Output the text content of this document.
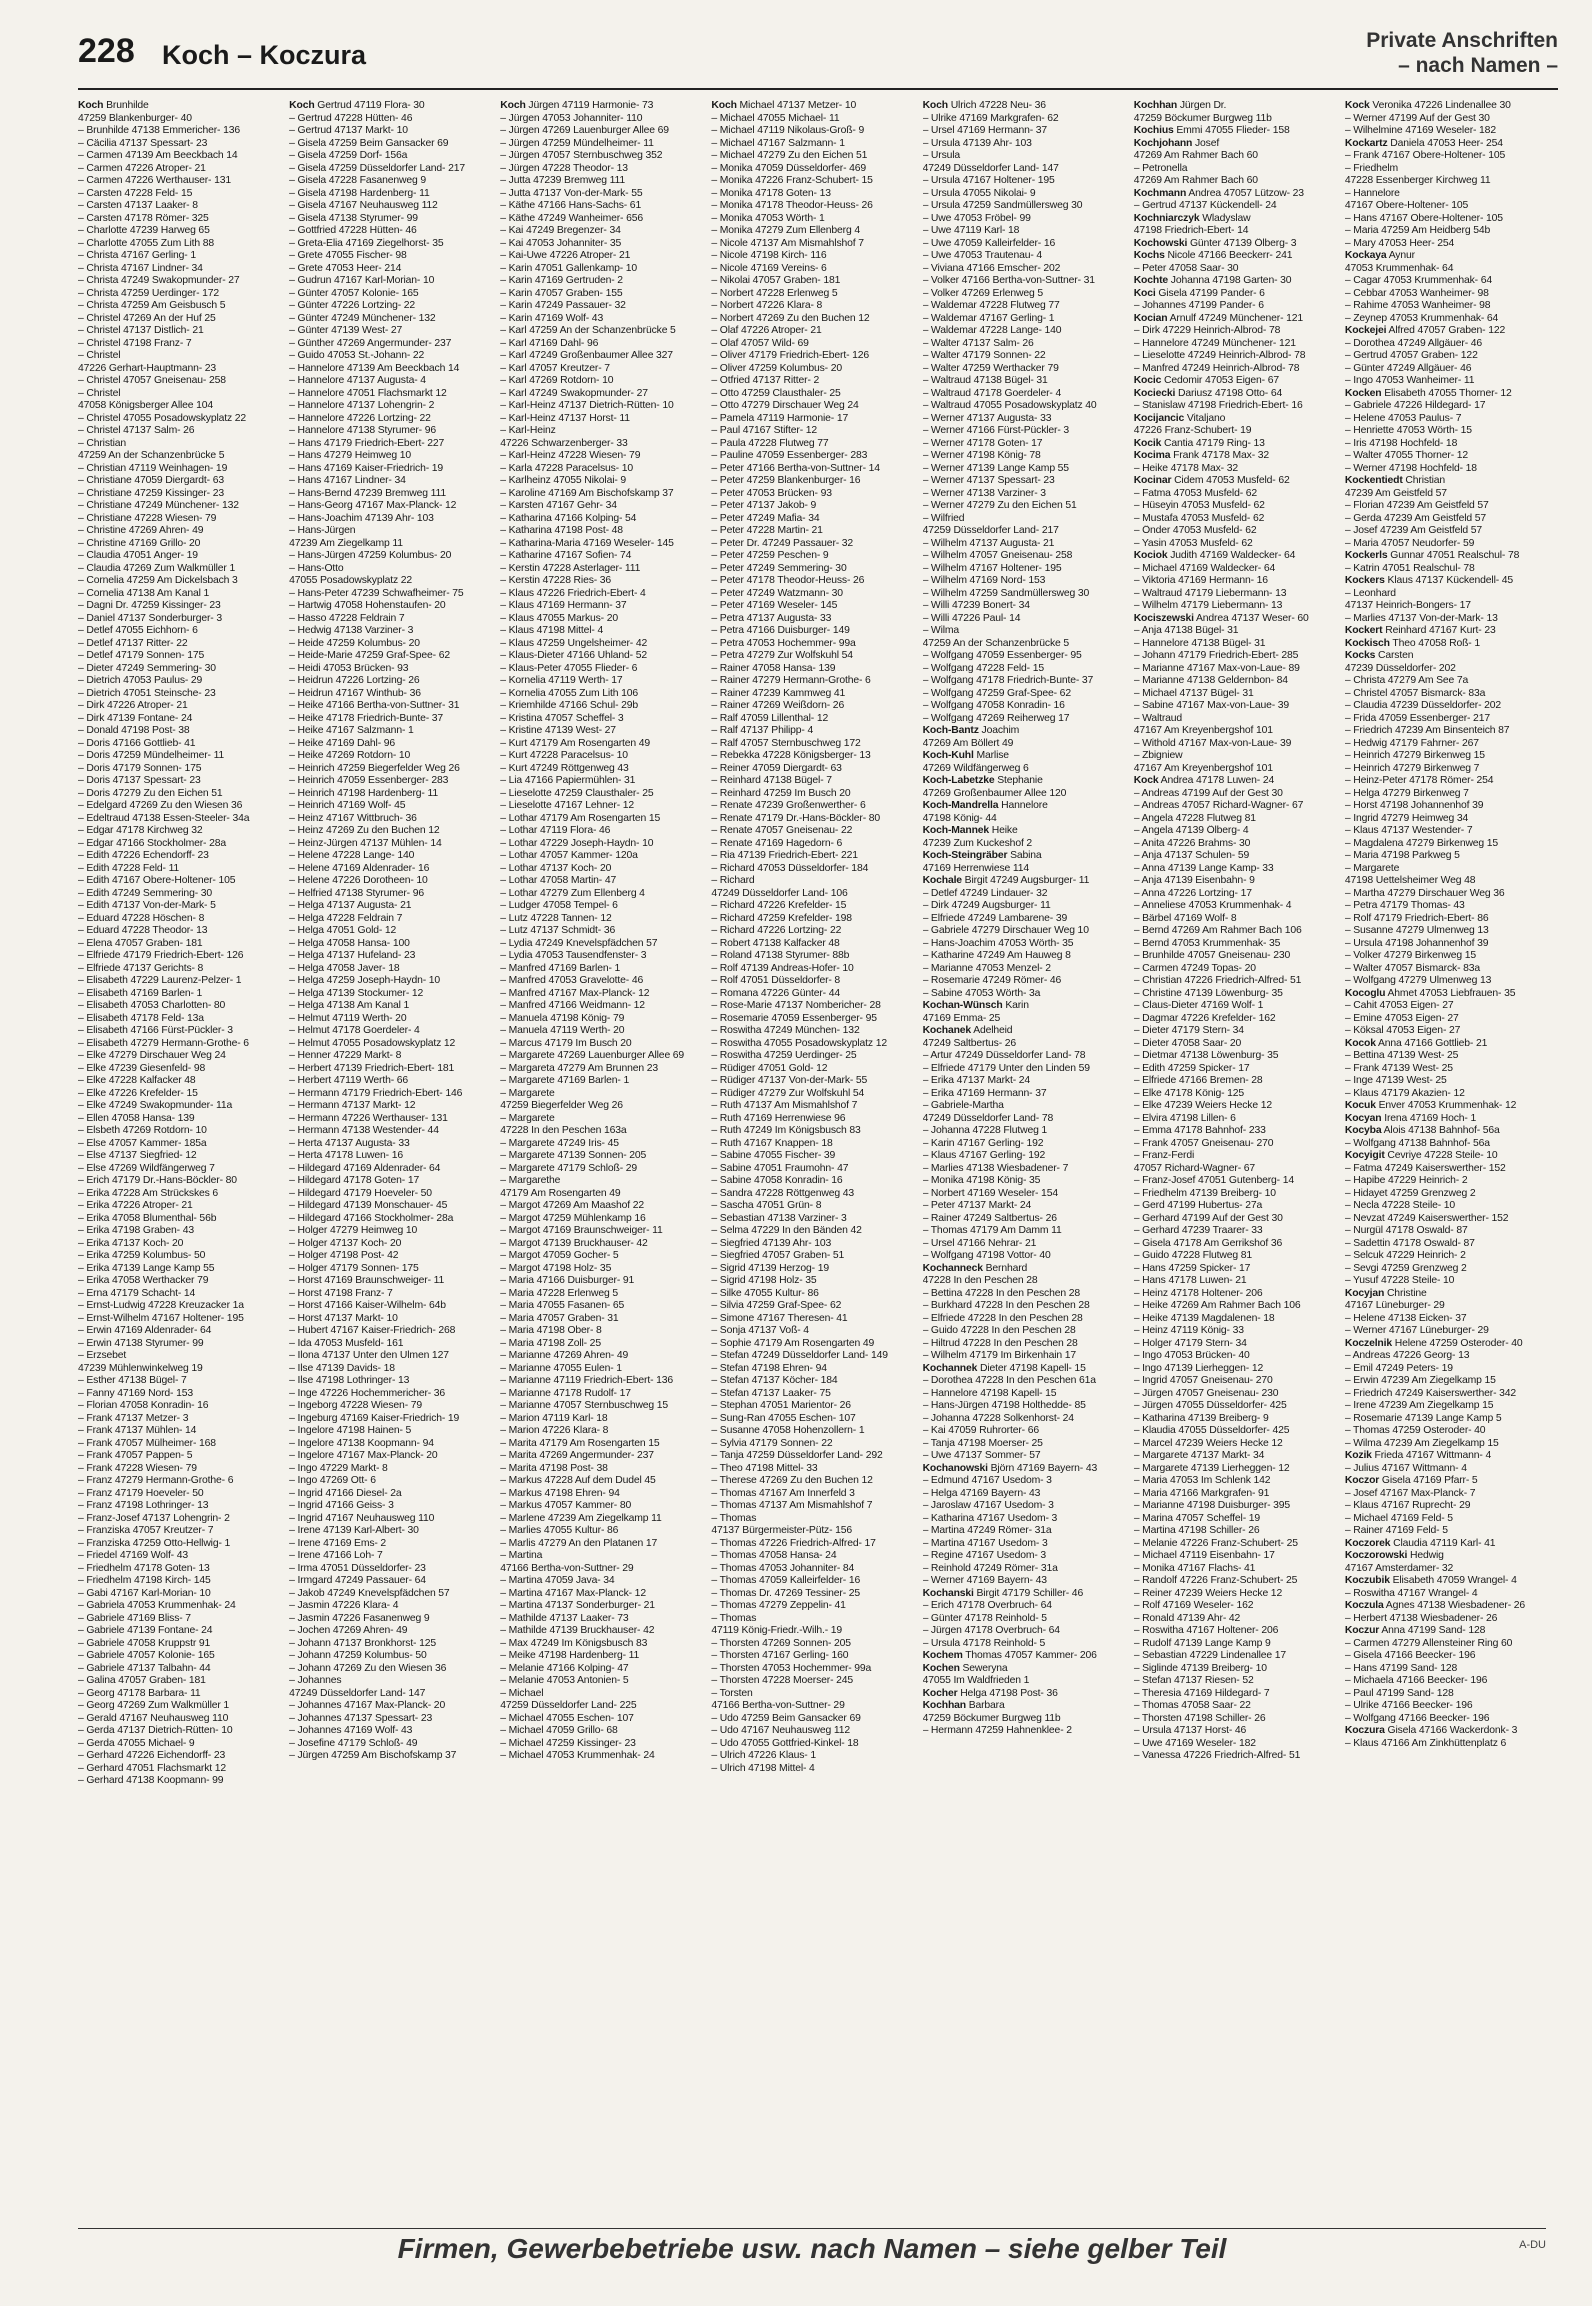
228 Koch – Koczura	Private Anschriften
– nach Namen –
Koch Brunhilde
47259 Blankenburger- 40
– Brunhilde 47138 Emmericher- 136
– Cäcilia 47137 Spessart- 23
– Carmen 47139 Am Beeckbach 14
– Carmen 47226 Atroper- 21
– Carmen 47226 Werthauser- 131
– Carsten 47228 Feld- 15
– Carsten 47137 Laaker- 8
– Carsten 47178 Römer- 325
– Charlotte 47239 Harweg 65
– Charlotte 47055 Zum Lith 88
– Christa 47167 Gerling- 1
– Christa 47167 Lindner- 34
– Christa 47249 Swakopmunder- 27
– Christa 47259 Uerdinger- 172
– Christa 47259 Am Geisbusch 5
– Christel 47269 An der Huf 25
– Christel 47137 Distlich- 21
– Christel 47198 Franz- 7
– Christel
47226 Gerhart-Hauptmann- 23
– Christel 47057 Gneisenau- 258
– Christel
47058 Königsberger Allee 104
– Christel 47055 Posadowskyplatz 22
– Christel 47137 Salm- 26
– Christian
47259 An der Schanzenbrücke 5
– Christian 47119 Weinhagen- 19
– Christiane 47059 Diergardt- 63
– Christiane 47259 Kissinger- 23
– Christiane 47249 Münchener- 132
– Christiane 47228 Wiesen- 79
– Christine 47269 Ahren- 49
– Christine 47169 Grillo- 20
– Claudia 47051 Anger- 19
– Claudia 47269 Zum Walkmüller 1
– Cornelia 47259 Am Dickelsbach 3
– Cornelia 47138 Am Kanal 1
– Dagni Dr. 47259 Kissinger- 23
– Daniel 47137 Sonderburger- 3
– Detlef 47055 Eichhorn- 6
– Detlef 47137 Ritter- 22
– Detlef 47179 Sonnen- 175
– Dieter 47249 Semmering- 30
– Dietrich 47053 Paulus- 29
– Dietrich 47051 Steinsche- 23
– Dirk 47226 Atroper- 21
– Dirk 47139 Fontane- 24
– Donald 47198 Post- 38
– Doris 47166 Gottlieb- 41
– Doris 47259 Mündelheimer- 11
– Doris 47179 Sonnen- 175
– Doris 47137 Spessart- 23
– Doris 47279 Zu den Eichen 51
– Edelgard 47269 Zu den Wiesen 36
– Edeltraud 47138 Essen-Steeler- 34a
– Edgar 47178 Kirchweg 32
– Edgar 47166 Stockholmer- 28a
– Edith 47226 Echendorff- 23
– Edith 47228 Feld- 11
– Edith 47167 Obere-Holtener- 105
– Edith 47249 Semmering- 30
– Edith 47137 Von-der-Mark- 5
– Eduard 47228 Höschen- 8
– Eduard 47228 Theodor- 13
– Elena 47057 Graben- 181
– Elfriede 47179 Friedrich-Ebert- 126
– Elfriede 47137 Gerichts- 8
– Elisabeth 47229 Laurenz-Pelzer- 1
– Elisabeth 47169 Barlen- 1
– Elisabeth 47053 Charlotten- 80
– Elisabeth 47178 Feld- 13a
– Elisabeth 47166 Fürst-Pückler- 3
– Elisabeth 47279 Hermann-Grothe- 6
– Elke 47279 Dirschauer Weg 24
– Elke 47239 Giesenfeld- 98
– Elke 47228 Kalfacker 48
– Elke 47226 Krefelder- 15
– Elke 47249 Swakopmunder- 11a
– Ellen 47058 Hansa- 139
– Elsbeth 47269 Rotdorn- 10
– Else 47057 Kammer- 185a
– Else 47137 Siegfried- 12
– Else 47269 Wildfängerweg 7
– Erich 47179 Dr.-Hans-Böckler- 80
– Erika 47228 Am Strückskes 6
– Erika 47226 Atroper- 21
– Erika 47058 Blumenthal- 56b
– Erika 47198 Graben- 43
– Erika 47137 Koch- 20
– Erika 47259 Kolumbus- 50
– Erika 47139 Lange Kamp 55
– Erika 47058 Werthacker 79
– Erna 47179 Schacht- 14
– Ernst-Ludwig 47228 Kreuzacker 1a
– Ernst-Wilhelm 47167 Holtener- 195
– Erwin 47169 Aldenrader- 64
– Erwin 47138 Styrumer- 99
– Erzsebet
47239 Mühlenwinkelweg 19
– Esther 47138 Bügel- 7
– Fanny 47169 Nord- 153
– Florian 47058 Konradin- 16
– Frank 47137 Metzer- 3
– Frank 47137 Mühlen- 14
– Frank 47057 Mülheimer- 168
– Frank 47057 Pappen- 5
– Frank 47228 Wiesen- 79
– Franz 47279 Hermann-Grothe- 6
– Franz 47179 Hoeveler- 50
– Franz 47198 Lothringer- 13
– Franz-Josef 47137 Lohengrin- 2
– Franziska 47057 Kreutzer- 7
– Franziska 47259 Otto-Hellwig- 1
– Friedel 47169 Wolf- 43
– Friedhelm 47178 Goten- 13
– Friedhelm 47198 Kirch- 145
– Gabi 47167 Karl-Morian- 10
– Gabriela 47053 Krummenhak- 24
– Gabriele 47169 Bliss- 7
– Gabriele 47139 Fontane- 24
– Gabriele 47058 Kruppstr 91
– Gabriele 47057 Kolonie- 165
– Gabriele 47137 Talbahn- 44
– Galina 47057 Graben- 181
– Georg 47178 Barbara- 11
– Georg 47269 Zum Walkmüller 1
– Gerald 47167 Neuhausweg 110
– Gerda 47137 Dietrich-Rütten- 10
– Gerda 47055 Michael- 9
– Gerhard 47226 Eichendorff- 23
– Gerhard 47051 Flachsmarkt 12
– Gerhard 47138 Koopmann- 99
Koch Gertrud 47119 Flora- 30
– Gertrud 47228 Hütten- 46
– Gertrud 47137 Markt- 10
– Gisela 47259 Beim Gansacker 69
– Gisela 47259 Dorf- 156a
– Gisela 47259 Düsseldorfer Land- 217
– Gisela 47228 Fasanenweg 9
– Gisela 47198 Hardenberg- 11
– Gisela 47167 Neuhausweg 112
– Gisela 47138 Styrumer- 99
– Gottfried 47228 Hütten- 46
– Greta-Elia 47169 Ziegelhorst- 35
– Grete 47055 Fischer- 98
– Grete 47053 Heer- 214
– Gudrun 47167 Karl-Morian- 10
– Günter 47057 Kolonie- 165
– Günter 47226 Lortzing- 22
– Günter 47249 Münchener- 132
– Günter 47139 West- 27
– Günther 47269 Angermunder- 237
– Guido 47053 St.-Johann- 22
– Hannelore 47139 Am Beeckbach 14
– Hannelore 47137 Augusta- 4
– Hannelore 47051 Flachsmarkt 12
– Hannelore 47137 Lohengrin- 2
– Hannelore 47226 Lortzing- 22
– Hannelore 47138 Styrumer- 96
– Hans 47179 Friedrich-Ebert- 227
– Hans 47279 Heimweg 10
– Hans 47169 Kaiser-Friedrich- 19
– Hans 47167 Lindner- 34
– Hans-Bernd 47239 Bremweg 111
– Hans-Georg 47167 Max-Planck- 12
– Hans-Joachim 47139 Ahr- 103
– Hans-Jürgen
47239 Am Ziegelkamp 11
– Hans-Jürgen 47259 Kolumbus- 20
– Hans-Otto
47055 Posadowskyplatz 22
– Hans-Peter 47239 Schwafheimer- 75
– Hartwig 47058 Hohenstaufen- 20
– Hasso 47228 Feldrain 7
– Hedwig 47138 Varziner- 3
– Heide 47259 Kolumbus- 20
– Heide-Marie 47259 Graf-Spee- 62
– Heidi 47053 Brücken- 93
– Heidrun 47226 Lortzing- 26
– Heidrun 47167 Winthub- 36
– Heike 47166 Bertha-von-Suttner- 31
– Heike 47178 Friedrich-Bunte- 37
– Heike 47167 Salzmann- 1
– Heike 47169 Dahl- 96
– Heike 47269 Rotdorn- 10
– Heinrich 47259 Biegerfelder Weg 26
– Heinrich 47059 Essenberger- 283
– Heinrich 47198 Hardenberg- 11
– Heinrich 47169 Wolf- 45
– Heinz 47167 Wittbruch- 36
– Heinz 47269 Zu den Buchen 12
– Heinz-Jürgen 47137 Mühlen- 14
– Helene 47228 Lange- 140
– Helene 47169 Aldenrader- 16
– Helene 47226 Dorotheen- 10
– Helfried 47138 Styrumer- 96
– Helga 47137 Augusta- 21
– Helga 47228 Feldrain 7
– Helga 47051 Gold- 12
– Helga 47058 Hansa- 100
– Helga 47137 Hufeland- 23
– Helga 47058 Javer- 18
– Helga 47259 Joseph-Haydn- 10
– Helga 47139 Stockumer- 12
– Helga 47138 Am Kanal 1
– Helmut 47119 Werth- 20
– Helmut 47178 Goerdeler- 4
– Helmut 47055 Posadowskyplatz 12
– Henner 47229 Markt- 8
– Herbert 47139 Friedrich-Ebert- 181
– Herbert 47119 Werth- 66
– Hermann 47179 Friedrich-Ebert- 146
– Hermann 47137 Markt- 12
– Hermann 47226 Werthauser- 131
– Hermann 47138 Westender- 44
– Herta 47137 Augusta- 33
– Herta 47178 Luwen- 16
– Hildegard 47169 Aldenrader- 64
– Hildegard 47178 Goten- 17
– Hildegard 47179 Hoeveler- 50
– Hildegard 47139 Monschauer- 45
– Hildegard 47166 Stockholmer- 28a
– Holger 47279 Heimweg 10
– Holger 47137 Koch- 20
– Holger 47198 Post- 42
– Holger 47179 Sonnen- 175
– Horst 47169 Braunschweiger- 11
– Horst 47198 Franz- 7
– Horst 47166 Kaiser-Wilhelm- 64b
– Horst 47137 Markt- 10
– Hubert 47167 Kaiser-Friedrich- 268
– Ida 47053 Musfeld- 161
– Ilona 47137 Unter den Ulmen 127
– Ilse 47139 Davids- 18
– Ilse 47198 Lothringer- 13
– Inge 47226 Hochemmericher- 36
– Ingeborg 47228 Wiesen- 79
– Ingeburg 47169 Kaiser-Friedrich- 19
– Ingelore 47198 Hainen- 5
– Ingelore 47138 Koopmann- 94
– Ingelore 47167 Max-Planck- 20
– Ingo 47229 Markt- 8
– Ingo 47269 Ott- 6
– Ingrid 47166 Diesel- 2a
– Ingrid 47166 Geiss- 3
– Ingrid 47167 Neuhausweg 110
– Irene 47139 Karl-Albert- 30
– Irene 47169 Ems- 2
– Irene 47166 Loh- 7
– Irma 47051 Düsseldorfer- 23
– Irmgard 47249 Passauer- 64
– Jakob 47249 Knevelspfädchen 57
– Jasmin 47226 Klara- 4
– Jasmin 47226 Fasanenweg 9
– Jochen 47269 Ahren- 49
– Johann 47137 Bronkhorst- 125
– Johann 47259 Kolumbus- 50
– Johann 47269 Zu den Wiesen 36
– Johannes
47249 Düsseldorfer Land- 147
– Johannes 47167 Max-Planck- 20
– Johannes 47137 Spessart- 23
– Johannes 47169 Wolf- 43
– Josefine 47179 Schloß- 49
– Jürgen 47259 Am Bischofskamp 37
Koch Jürgen 47119 Harmonie- 73
– Jürgen 47053 Johanniter- 110
– Jürgen 47269 Lauenburger Allee 69
– Jürgen 47259 Mündelheimer- 11
– Jürgen 47057 Sternbuschweg 352
– Jürgen 47228 Theodor- 13
– Jutta 47239 Bremweg 111
– Jutta 47137 Von-der-Mark- 55
– Käthe 47166 Hans-Sachs- 61
– Käthe 47249 Wanheimer- 656
– Kai 47249 Bregenzer- 34
– Kai 47053 Johanniter- 35
– Kai-Uwe 47226 Atroper- 21
– Karin 47051 Gallenkamp- 10
– Karin 47169 Gertruden- 2
– Karin 47057 Graben- 155
– Karin 47249 Passauer- 32
– Karin 47169 Wolf- 43
– Karl 47259 An der Schanzenbrücke 5
– Karl 47169 Dahl- 96
– Karl 47249 Großenbaumer Allee 327
– Karl 47057 Kreutzer- 7
– Karl 47269 Rotdorn- 10
– Karl 47249 Swakopmunder- 27
– Karl-Heinz 47137 Dietrich-Rütten- 10
– Karl-Heinz 47137 Horst- 11
– Karl-Heinz
47226 Schwarzenberger- 33
– Karl-Heinz 47228 Wiesen- 79
– Karla 47228 Paracelsus- 10
– Karlheinz 47055 Nikolai- 9
– Karoline 47169 Am Bischofskamp 37
– Karsten 47167 Gehr- 34
– Katharina 47166 Kolping- 54
– Katharina 47198 Post- 48
– Katharina-Maria 47169 Weseler- 145
– Katharine 47167 Sofien- 74
– Kerstin 47228 Asterlager- 111
– Kerstin 47228 Ries- 36
– Klaus 47226 Friedrich-Ebert- 4
– Klaus 47169 Hermann- 37
– Klaus 47055 Markus- 20
– Klaus 47198 Mittel- 4
– Klaus 47259 Ungelsheimer- 42
– Klaus-Dieter 47166 Uhland- 52
– Klaus-Peter 47055 Flieder- 6
– Kornelia 47119 Werth- 17
– Kornelia 47055 Zum Lith 106
– Kriemhilde 47166 Schul- 29b
– Kristina 47057 Scheffel- 3
– Kristine 47139 West- 27
– Kurt 47179 Am Rosengarten 49
– Kurt 47228 Paracelsus- 10
– Kurt 47249 Röttgenweg 43
– Lia 47166 Papiermühlen- 31
– Lieselotte 47259 Clausthaler- 25
– Lieselotte 47167 Lehner- 12
– Lothar 47179 Am Rosengarten 15
– Lothar 47119 Flora- 46
– Lothar 47229 Joseph-Haydn- 10
– Lothar 47057 Kammer- 120a
– Lothar 47137 Koch- 20
– Lothar 47058 Martin- 47
– Lothar 47279 Zum Ellenberg 4
– Ludger 47058 Tempel- 6
– Lutz 47228 Tannen- 12
– Lutz 47137 Schmidt- 36
– Lydia 47249 Knevelspfädchen 57
– Lydia 47053 Tausendfenster- 3
– Manfred 47169 Barlen- 1
– Manfred 47053 Gravelotte- 46
– Manfred 47167 Max-Planck- 12
– Manfred 47166 Weidmann- 12
– Manuela 47198 König- 79
– Manuela 47119 Werth- 20
– Marcus 47179 Im Busch 20
– Margarete 47269 Lauenburger Allee 69
– Margareta 47279 Am Brunnen 23
– Margarete 47169 Barlen- 1
– Margarete
47259 Biegerfelder Weg 26
– Margarete
47228 In den Peschen 163a
– Margarete 47249 Iris- 45
– Margarete 47139 Sonnen- 205
– Margarete 47179 Schloß- 29
– Margarethe
47179 Am Rosengarten 49
– Margot 47269 Am Maashof 22
– Margot 47259 Mühlenkamp 16
– Margot 47169 Braunschweiger- 11
– Margot 47139 Bruckhauser- 42
– Margot 47059 Gocher- 5
– Margot 47198 Holz- 35
– Maria 47166 Duisburger- 91
– Maria 47228 Erlenweg 5
– Maria 47055 Fasanen- 65
– Maria 47057 Graben- 31
– Maria 47198 Ober- 8
– Maria 47198 Zoll- 25
– Marianne 47269 Ahren- 49
– Marianne 47055 Eulen- 1
– Marianne 47119 Friedrich-Ebert- 136
– Marianne 47178 Rudolf- 17
– Marianne 47057 Sternbuschweg 15
– Marion 47119 Karl- 18
– Marion 47226 Klara- 8
– Marita 47179 Am Rosengarten 15
– Marita 47269 Angermunder- 237
– Marita 47198 Post- 38
– Markus 47228 Auf dem Dudel 45
– Markus 47198 Ehren- 94
– Markus 47057 Kammer- 80
– Marlene 47239 Am Ziegelkamp 11
– Marlies 47055 Kultur- 86
– Marlis 47279 An den Platanen 17
– Martina
47166 Bertha-von-Suttner- 29
– Martina 47059 Java- 34
– Martina 47167 Max-Planck- 12
– Martina 47137 Sonderburger- 21
– Mathilde 47137 Laaker- 73
– Mathilde 47139 Bruckhauser- 42
– Max 47249 Im Königsbusch 83
– Meike 47198 Hardenberg- 11
– Melanie 47166 Kolping- 47
– Melanie 47053 Antonien- 5
– Michael
47259 Düsseldorfer Land- 225
– Michael 47055 Eschen- 107
– Michael 47059 Grillo- 68
– Michael 47259 Kissinger- 23
– Michael 47053 Krummenhak- 24
Koch Michael 47137 Metzer- 10
– Michael 47055 Michael- 11
– Michael 47119 Nikolaus-Groß- 9
– Michael 47167 Salzmann- 1
– Michael 47279 Zu den Eichen 51
– Monika 47059 Düsseldorfer- 469
– Monika 47226 Franz-Schubert- 15
– Monika 47178 Goten- 13
– Monika 47178 Theodor-Heuss- 26
– Monika 47053 Wörth- 1
– Monika 47279 Zum Ellenberg 4
– Nicole 47137 Am Mismahlshof 7
– Nicole 47198 Kirch- 116
– Nicole 47169 Vereins- 6
– Nikolai 47057 Graben- 181
– Norbert 47228 Erlenweg 5
– Norbert 47226 Klara- 8
– Norbert 47269 Zu den Buchen 12
– Olaf 47226 Atroper- 21
– Olaf 47057 Wild- 69
– Oliver 47179 Friedrich-Ebert- 126
– Oliver 47259 Kolumbus- 20
– Otfried 47137 Ritter- 2
– Otto 47259 Clausthaler- 25
– Otto 47279 Dirschauer Weg 24
– Pamela 47119 Harmonie- 17
– Paul 47167 Stifter- 12
– Paula 47228 Flutweg 77
– Pauline 47059 Essenberger- 283
– Peter 47166 Bertha-von-Suttner- 14
– Peter 47259 Blankenburger- 16
– Peter 47053 Brücken- 93
– Peter 47137 Jakob- 9
– Peter 47249 Mafia- 34
– Peter 47228 Martin- 21
– Peter Dr. 47249 Passauer- 32
– Peter 47259 Peschen- 9
– Peter 47249 Semmering- 30
– Peter 47178 Theodor-Heuss- 26
– Peter 47249 Watzmann- 30
– Peter 47169 Weseler- 145
– Petra 47137 Augusta- 33
– Petra 47166 Duisburger- 149
– Petra 47053 Hochemmer- 99a
– Petra 47279 Zur Wolfskuhl 54
– Rainer 47058 Hansa- 139
– Rainer 47279 Hermann-Grothe- 6
– Rainer 47239 Kammweg 41
– Rainer 47269 Weißdorn- 26
– Ralf 47059 Lillenthal- 12
– Ralf 47137 Philipp- 4
– Ralf 47057 Sternbuschweg 172
– Rebekka 47228 Königsberger- 13
– Reiner 47059 Diergardt- 63
– Reinhard 47138 Bügel- 7
– Reinhard 47259 Im Busch 20
– Renate 47239 Großenwerther- 6
– Renate 47179 Dr.-Hans-Böckler- 80
– Renate 47057 Gneisenau- 22
– Renate 47169 Hagedorn- 6
– Ria 47139 Friedrich-Ebert- 221
– Richard 47053 Düsseldorfer- 184
– Richard
47249 Düsseldorfer Land- 106
– Richard 47226 Krefelder- 15
– Richard 47259 Krefelder- 198
– Richard 47226 Lortzing- 22
– Robert 47138 Kalfacker 48
– Roland 47138 Styrumer- 88b
– Rolf 47139 Andreas-Hofer- 10
– Rolf 47051 Düsseldorfer- 8
– Romana 47226 Günter- 44
– Rose-Marie 47137 Nombericher- 28
– Rosemarie 47059 Essenberger- 95
– Roswitha 47249 München- 132
– Roswitha 47055 Posadowskyplatz 12
– Roswitha 47259 Uerdinger- 25
– Rüdiger 47051 Gold- 12
– Rüdiger 47137 Von-der-Mark- 55
– Rüdiger 47279 Zur Wolfskuhl 54
– Ruth 47137 Am Mismahlshof 7
– Ruth 47169 Herrenwiese 96
– Ruth 47249 Im Königsbusch 83
– Ruth 47167 Knappen- 18
– Sabine 47055 Fischer- 39
– Sabine 47051 Fraumohn- 47
– Sabine 47058 Konradin- 16
– Sandra 47228 Röttgenweg 43
– Sascha 47051 Grün- 8
– Sebastian 47138 Varziner- 3
– Selma 47229 In den Bänden 42
– Siegfried 47139 Ahr- 103
– Siegfried 47057 Graben- 51
– Sigrid 47139 Herzog- 19
– Sigrid 47198 Holz- 35
– Silke 47055 Kultur- 86
– Silvia 47259 Graf-Spee- 62
– Simone 47167 Theresen- 41
– Sonja 47137 Voß- 4
– Sophie 47179 Am Rosengarten 49
– Stefan 47249 Düsseldorfer Land- 149
– Stefan 47198 Ehren- 94
– Stefan 47137 Köcher- 184
– Stefan 47137 Laaker- 75
– Stephan 47051 Marientor- 26
– Sung-Ran 47055 Eschen- 107
– Susanne 47058 Hohenzollern- 1
– Sylvia 47179 Sonnen- 22
– Tanja 47259 Düsseldorfer Land- 292
– Theo 47198 Mittel- 33
– Therese 47269 Zu den Buchen 12
– Thomas 47167 Am Innerfeld 3
– Thomas 47137 Am Mismahlshof 7
– Thomas
47137 Bürgermeister-Pütz- 156
– Thomas 47226 Friedrich-Alfred- 17
– Thomas 47058 Hansa- 24
– Thomas 47053 Johanniter- 84
– Thomas 47059 Kalleirfelder- 16
– Thomas Dr. 47269 Tessiner- 25
– Thomas 47279 Zeppelin- 41
– Thomas
47119 König-Friedr.-Wilh.- 19
– Thorsten 47269 Sonnen- 205
– Thorsten 47167 Gerling- 160
– Thorsten 47053 Hochemmer- 99a
– Thorsten 47228 Moerser- 245
– Torsten
47166 Bertha-von-Suttner- 29
– Udo 47259 Beim Gansacker 69
– Udo 47167 Neuhausweg 112
– Udo 47055 Gottfried-Kinkel- 18
– Ulrich 47226 Klaus- 1
– Ulrich 47198 Mittel- 4
Koch Ulrich 47228 Neu- 36
– Ulrike 47169 Markgrafen- 62
– Ursel 47169 Hermann- 37
– Ursula 47139 Ahr- 103
– Ursula
47249 Düsseldorfer Land- 147
– Ursula 47167 Holtener- 195
– Ursula 47055 Nikolai- 9
– Ursula 47259 Sandmüllersweg 30
– Uwe 47053 Fröbel- 99
– Uwe 47119 Karl- 18
– Uwe 47059 Kalleirfelder- 16
– Uwe 47053 Trautenau- 4
– Viviana 47166 Emscher- 202
– Volker 47166 Bertha-von-Suttner- 31
– Volker 47269 Erlenweg 5
– Waldemar 47228 Flutweg 77
– Waldemar 47167 Gerling- 1
– Waldemar 47228 Lange- 140
– Walter 47137 Salm- 26
– Walter 47179 Sonnen- 22
– Walter 47259 Werthacker 79
– Waltraud 47138 Bügel- 31
– Waltraud 47178 Goerdeler- 4
– Waltraud 47055 Posadowskyplatz 40
– Werner 47137 Augusta- 33
– Werner 47166 Fürst-Pückler- 3
– Werner 47178 Goten- 17
– Werner 47198 König- 78
– Werner 47139 Lange Kamp 55
– Werner 47137 Spessart- 23
– Werner 47138 Varziner- 3
– Werner 47279 Zu den Eichen 51
– Wilfried
47259 Düsseldorfer Land- 217
– Wilhelm 47137 Augusta- 21
– Wilhelm 47057 Gneisenau- 258
– Wilhelm 47167 Holtener- 195
– Wilhelm 47169 Nord- 153
– Wilhelm 47259 Sandmüllersweg 30
– Willi 47239 Bonert- 34
– Willi 47226 Paul- 14
– Wilma
47259 An der Schanzenbrücke 5
– Wolfgang 47059 Essenberger- 95
– Wolfgang 47228 Feld- 15
– Wolfgang 47178 Friedrich-Bunte- 37
– Wolfgang 47259 Graf-Spee- 62
– Wolfgang 47058 Konradin- 16
– Wolfgang 47269 Reiherweg 17
Koch-Bantz Joachim
47269 Am Böllert 49
Koch-Kuhl Marlise
47269 Wildfängerweg 6
Koch-Labetzke Stephanie
47269 Großenbaumer Allee 120
Koch-Mandrella Hannelore
47198 König- 44
Koch-Mannek Heike
47239 Zum Kuckeshof 2
Koch-Steingräber Sabina
47169 Herrenwiese 114
Kochale Birgit 47249 Augsburger- 11
– Detlef 47249 Lindauer- 32
– Dirk 47249 Augsburger- 11
– Elfriede 47249 Lambarene- 39
– Gabriele 47279 Dirschauer Weg 10
– Hans-Joachim 47053 Wörth- 35
– Katharine 47249 Am Hauweg 8
– Marianne 47053 Menzel- 2
– Rosemarie 47249 Römer- 46
– Sabine 47053 Wörth- 3a
Kochan-Wünsch Karin
47169 Emma- 25
Kochanek Adelheid
47249 Saltbertus- 26
– Artur 47249 Düsseldorfer Land- 78
– Elfriede 47179 Unter den Linden 59
– Erika 47137 Markt- 24
– Erika 47169 Hermann- 37
– Gabriele-Martha
47249 Düsseldorfer Land- 78
– Johanna 47228 Flutweg 1
– Karin 47167 Gerling- 192
– Klaus 47167 Gerling- 192
– Marlies 47138 Wiesbadener- 7
– Monika 47198 König- 35
– Norbert 47169 Weseler- 154
– Peter 47137 Markt- 24
– Rainer 47249 Saltbertus- 26
– Thomas 47179 Am Damm 11
– Ursel 47166 Nehrar- 21
– Wolfgang 47198 Vottor- 40
Kochanneck Bernhard
47228 In den Peschen 28
– Bettina 47228 In den Peschen 28
– Burkhard 47228 In den Peschen 28
– Elfriede 47228 In den Peschen 28
– Guido 47228 In den Peschen 28
– Hiltrud 47228 In den Peschen 28
– Wilhelm 47179 Im Birkenhain 17
Kochannek Dieter 47198 Kapell- 15
– Dorothea 47228 In den Peschen 61a
– Hannelore 47198 Kapell- 15
– Hans-Jürgen 47198 Holthedde- 85
– Johanna 47228 Solkenhorst- 24
– Kai 47059 Ruhrorter- 66
– Tanja 47198 Moerser- 25
– Uwe 47137 Sommer- 57
Kochanowski Björn 47169 Bayern- 43
– Edmund 47167 Usedom- 3
– Helga 47169 Bayern- 43
– Jaroslaw 47167 Usedom- 3
– Katharina 47167 Usedom- 3
– Martina 47249 Römer- 31a
– Martina 47167 Usedom- 3
– Regine 47167 Usedom- 3
– Reinhold 47249 Römer- 31a
– Werner 47169 Bayern- 43
Kochanski Birgit 47179 Schiller- 46
– Erich 47178 Overbruch- 64
– Günter 47178 Reinhold- 5
– Jürgen 47178 Overbruch- 64
– Ursula 47178 Reinhold- 5
Kochem Thomas 47057 Kammer- 206
Kochen Seweryna
47055 Im Waldfrieden 1
Kocher Helga 47198 Post- 36
Kochhan Barbara
47259 Böckumer Burgweg 11b
– Hermann 47259 Hahnenklee- 2
Kochhan Jürgen Dr.
47259 Böckumer Burgweg 11b
Kochius Emmi 47055 Flieder- 158
Kochjohann Josef
47269 Am Rahmer Bach 60
– Petronella
47269 Am Rahmer Bach 60
Kochmann Andrea 47057 Lützow- 23
– Gertrud 47137 Kückendell- 24
Kochniarczyk Wladyslaw
47198 Friedrich-Ebert- 14
Kochowski Günter 47139 Ölberg- 3
Kochs Nicole 47166 Beeckerr- 241
– Peter 47058 Saar- 30
Kochte Johanna 47198 Garten- 30
Koci Gisela 47199 Pander- 6
– Johannes 47199 Pander- 6
Kocian Arnulf 47249 Münchener- 121
– Dirk 47229 Heinrich-Albrod- 78
– Hannelore 47249 Münchener- 121
– Lieselotte 47249 Heinrich-Albrod- 78
– Manfred 47249 Heinrich-Albrod- 78
Kocic Cedomir 47053 Eigen- 67
Kociecki Dariusz 47198 Otto- 64
– Stanislaw 47198 Friedrich-Ebert- 16
Kocijancic Vitaljano
47226 Franz-Schubert- 19
Kocik Cantia 47179 Ring- 13
Kocima Frank 47178 Max- 32
– Heike 47178 Max- 32
Kocinar Cidem 47053 Musfeld- 62
– Fatma 47053 Musfeld- 62
– Hüseyin 47053 Musfeld- 62
– Mustafa 47053 Musfeld- 62
– Önder 47053 Musfeld- 62
– Yasin 47053 Musfeld- 62
Kociok Judith 47169 Waldecker- 64
– Michael 47169 Waldecker- 64
– Viktoria 47169 Hermann- 16
– Waltraud 47179 Liebermann- 13
– Wilhelm 47179 Liebermann- 13
Kociszewski Andrea 47137 Weser- 60
– Anja 47138 Bügel- 31
– Hannelore 47138 Bügel- 31
– Johann 47179 Friedrich-Ebert- 285
– Marianne 47167 Max-von-Laue- 89
– Marianne 47138 Geldernbon- 84
– Michael 47137 Bügel- 31
– Sabine 47167 Max-von-Laue- 39
– Waltraud
47167 Am Kreyenbergshof 101
– Withold 47167 Max-von-Laue- 39
– Zbigniew
47167 Am Kreyenbergshof 101
Kock Andrea 47178 Luwen- 24
– Andreas 47199 Auf der Gest 30
– Andreas 47057 Richard-Wagner- 67
– Angela 47228 Flutweg 81
– Angela 47139 Ölberg- 4
– Anita 47226 Brahms- 30
– Anja 47137 Schulen- 59
– Anna 47139 Lange Kamp- 33
– Anja 47139 Eisenbahn- 9
– Anna 47226 Lortzing- 17
– Anneliese 47053 Krummenhak- 4
– Bärbel 47169 Wolf- 8
– Bernd 47269 Am Rahmer Bach 106
– Bernd 47053 Krummenhak- 35
– Brunhilde 47057 Gneisenau- 230
– Carmen 47249 Topas- 20
– Christian 47226 Friedrich-Alfred- 51
– Christine 47139 Löwenburg- 35
– Claus-Dieter 47169 Wolf- 1
– Dagmar 47226 Krefelder- 162
– Dieter 47179 Stern- 34
– Dieter 47058 Saar- 20
– Dietmar 47138 Löwenburg- 35
– Edith 47259 Spicker- 17
– Elfriede 47166 Bremen- 28
– Elke 47178 König- 125
– Elke 47239 Weiers Hecke 12
– Elvira 47198 Lillen- 6
– Emma 47178 Bahnhof- 233
– Frank 47057 Gneisenau- 270
– Franz-Ferdi
47057 Richard-Wagner- 67
– Franz-Josef 47051 Gutenberg- 14
– Friedhelm 47139 Breiberg- 10
– Gerd 47199 Hubertus- 27a
– Gerhard 47199 Auf der Gest 30
– Gerhard 47239 Traarer- 33
– Gisela 47178 Am Gerrikshof 36
– Guido 47228 Flutweg 81
– Hans 47259 Spicker- 17
– Hans 47178 Luwen- 21
– Heinz 47178 Holtener- 206
– Heike 47269 Am Rahmer Bach 106
– Heike 47139 Magdalenen- 18
– Heinz 47119 König- 33
– Holger 47179 Stern- 34
– Ingo 47053 Brücken- 40
– Ingo 47139 Lierheggen- 12
– Ingrid 47057 Gneisenau- 270
– Jürgen 47057 Gneisenau- 230
– Jürgen 47055 Düsseldorfer- 425
– Katharina 47139 Breiberg- 9
– Klaudia 47055 Düsseldorfer- 425
– Marcel 47239 Weiers Hecke 12
– Margarete 47137 Markt- 34
– Margarete 47139 Lierheggen- 12
– Maria 47053 Im Schlenk 142
– Maria 47166 Markgrafen- 91
– Marianne 47198 Duisburger- 395
– Marina 47057 Scheffel- 19
– Martina 47198 Schiller- 26
– Melanie 47226 Franz-Schubert- 25
– Michael 47119 Eisenbahn- 17
– Monika 47167 Flachs- 41
– Randolf 47226 Franz-Schubert- 25
– Reiner 47239 Weiers Hecke 12
– Rolf 47169 Weseler- 162
– Ronald 47139 Ahr- 42
– Roswitha 47167 Holtener- 206
– Rudolf 47139 Lange Kamp 9
– Sebastian 47229 Lindenallee 17
– Siglinde 47139 Breiberg- 10
– Stefan 47137 Riesen- 52
– Theresia 47169 Hildegard- 7
– Thomas 47058 Saar- 22
– Thorsten 47198 Schiller- 26
– Ursula 47137 Horst- 46
– Uwe 47169 Weseler- 182
– Vanessa 47226 Friedrich-Alfred- 51
Kock Veronika 47226 Lindenallee 30
– Werner 47199 Auf der Gest 30
– Wilhelmine 47169 Weseler- 182
Kockartz Daniela 47053 Heer- 254
– Frank 47167 Obere-Holtener- 105
– Friedhelm
47228 Essenberger Kirchweg 11
– Hannelore
47167 Obere-Holtener- 105
– Hans 47167 Obere-Holtener- 105
– Maria 47259 Am Heidberg 54b
– Mary 47053 Heer- 254
Kockaya Aynur
47053 Krummenhak- 64
– Cagar 47053 Krummenhak- 64
– Cebbar 47053 Wanheimer- 98
– Rahime 47053 Wanheimer- 98
– Zeynep 47053 Krummenhak- 64
Kockejei Alfred 47057 Graben- 122
– Dorothea 47249 Allgäuer- 46
– Gertrud 47057 Graben- 122
– Günter 47249 Allgäuer- 46
– Ingo 47053 Wanheimer- 11
Kocken Elisabeth 47055 Thorner- 12
– Gabriele 47226 Hildegard- 17
– Helene 47053 Paulus- 7
– Henriette 47053 Wörth- 15
– Iris 47198 Hochfeld- 18
– Walter 47055 Thorner- 12
– Werner 47198 Hochfeld- 18
Kockentiedt Christian
47239 Am Geistfeld 57
– Florian 47239 Am Geistfeld 57
– Gerda 47239 Am Geistfeld 57
– Josef 47239 Am Geistfeld 57
– Maria 47057 Neudorfer- 59
Kockerls Gunnar 47051 Realschul- 78
– Katrin 47051 Realschul- 78
Kockers Klaus 47137 Kückendell- 45
– Leonhard
47137 Heinrich-Bongers- 17
– Marlies 47137 Von-der-Mark- 13
Kockert Reinhard 47167 Kurt- 23
Kockisch Theo 47058 Roß- 1
Kocks Carsten
47239 Düsseldorfer- 202
– Christa 47279 Am See 7a
– Christel 47057 Bismarck- 83a
– Claudia 47239 Düsseldorfer- 202
– Frida 47059 Essenberger- 217
– Friedrich 47239 Am Binsenteich 87
– Hedwig 47179 Fahrner- 267
– Heinrich 47279 Birkenweg 15
– Heinrich 47279 Birkenweg 7
– Heinz-Peter 47178 Römer- 254
– Helga 47279 Birkenweg 7
– Horst 47198 Johannenhof 39
– Ingrid 47279 Heimweg 34
– Klaus 47137 Westender- 7
– Magdalena 47279 Birkenweg 15
– Maria 47198 Parkweg 5
– Margarete
47198 Uettelsheimer Weg 48
– Martha 47279 Dirschauer Weg 36
– Petra 47179 Thomas- 43
– Rolf 47179 Friedrich-Ebert- 86
– Susanne 47279 Ulmenweg 13
– Ursula 47198 Johannenhof 39
– Volker 47279 Birkenweg 15
– Walter 47057 Bismarck- 83a
– Wolfgang 47279 Ulmenweg 13
Kocoglu Ahmet 47053 Liebfrauen- 35
– Cahit 47053 Eigen- 27
– Emine 47053 Eigen- 27
– Köksal 47053 Eigen- 27
Kocok Anna 47166 Gottlieb- 21
– Bettina 47139 West- 25
– Frank 47139 West- 25
– Inge 47139 West- 25
– Klaus 47179 Akazien- 12
Kocuk Enver 47053 Krummenhak- 12
Kocyan Irena 47169 Hoch- 1
Kocyba Alois 47138 Bahnhof- 56a
– Wolfgang 47138 Bahnhof- 56a
Kocyigit Cevriye 47228 Steile- 10
– Fatma 47249 Kaiserswerther- 152
– Hapibe 47229 Heinrich- 2
– Hidayet 47259 Grenzweg 2
– Necla 47228 Steile- 10
– Nevzat 47249 Kaiserswerther- 152
– Nurgül 47178 Oswald- 87
– Sadettin 47178 Oswald- 87
– Selcuk 47229 Heinrich- 2
– Sevgi 47259 Grenzweg 2
– Yusuf 47228 Steile- 10
Kocyjan Christine
47167 Lüneburger- 29
– Helene 47138 Eicken- 37
– Werner 47167 Lüneburger- 29
Koczelnik Helene 47259 Osteroder- 40
– Andreas 47226 Georg- 13
– Emil 47249 Peters- 19
– Erwin 47239 Am Ziegelkamp 15
– Friedrich 47249 Kaiserswerther- 342
– Irene 47239 Am Ziegelkamp 15
– Rosemarie 47139 Lange Kamp 5
– Thomas 47259 Osteroder- 40
– Wilma 47239 Am Ziegelkamp 15
Kozik Frieda 47167 Wittmann- 4
– Julius 47167 Wittmann- 4
Koczor Gisela 47169 Pfarr- 5
– Josef 47167 Max-Planck- 7
– Klaus 47167 Ruprecht- 29
– Michael 47169 Feld- 5
– Rainer 47169 Feld- 5
Koczorek Claudia 47119 Karl- 41
Koczorowski Hedwig
47167 Amsterdamer- 32
Koczubik Elisabeth 47059 Wrangel- 4
– Roswitha 47167 Wrangel- 4
Koczula Agnes 47138 Wiesbadener- 26
– Herbert 47138 Wiesbadener- 26
Koczur Anna 47199 Sand- 128
– Carmen 47279 Allensteiner Ring 60
– Gisela 47166 Beecker- 196
– Hans 47199 Sand- 128
– Michaela 47166 Beecker- 196
– Paul 47199 Sand- 128
– Ulrike 47166 Beecker- 196
– Wolfgang 47166 Beecker- 196
Koczura Gisela 47166 Wackerdonk- 3
– Klaus 47166 Am Zinkhüttenplatz 6
Firmen, Gewerbebetriebe usw. nach Namen – siehe gelber Teil	A-DU
